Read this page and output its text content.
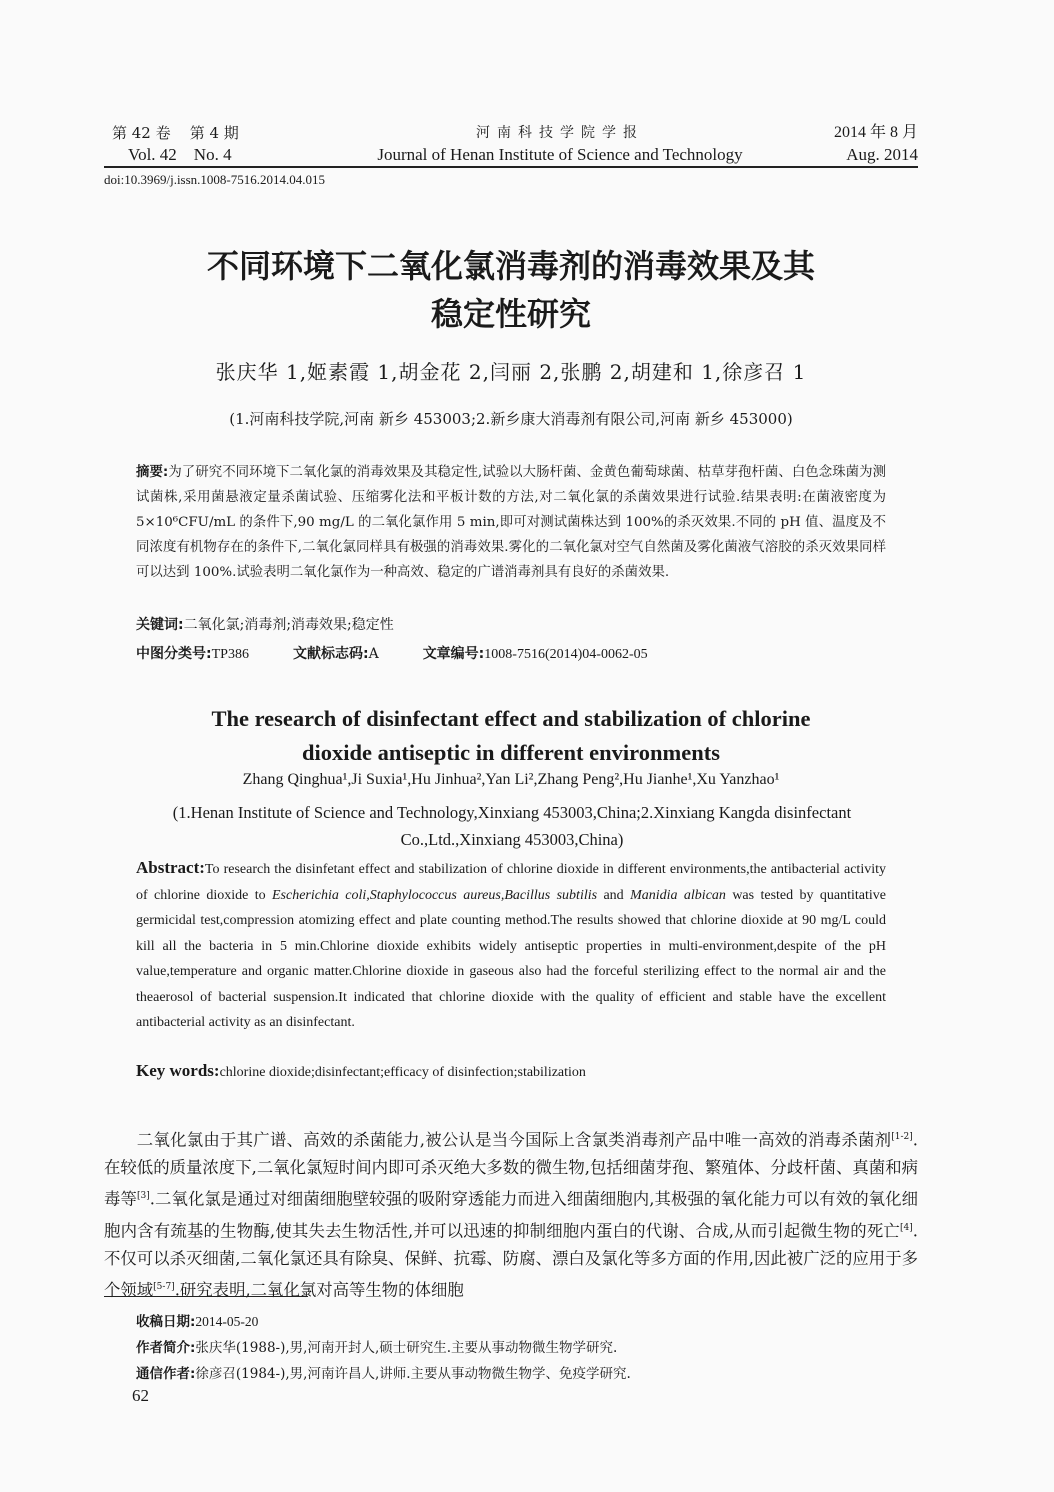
第 42 卷    第 4 期
Vol. 42    No. 4
河南科技学院学报
Journal of Henan Institute of Science and Technology
2014 年 8 月
Aug. 2014
doi:10.3969/j.issn.1008-7516.2014.04.015
不同环境下二氧化氯消毒剂的消毒效果及其
稳定性研究
张庆华 1,姬素霞 1,胡金花 2,闫丽 2,张鹏 2,胡建和 1,徐彦召 1
(1.河南科技学院,河南 新乡 453003;2.新乡康大消毒剂有限公司,河南 新乡 453000)
摘要:为了研究不同环境下二氧化氯的消毒效果及其稳定性,试验以大肠杆菌、金黄色葡萄球菌、枯草芽孢杆菌、白色念珠菌为测试菌株,采用菌悬液定量杀菌试验、压缩雾化法和平板计数的方法,对二氧化氯的杀菌效果进行试验.结果表明:在菌液密度为 5×10⁶CFU/mL 的条件下,90 mg/L 的二氧化氯作用 5 min,即可对测试菌株达到 100%的杀灭效果.不同的 pH 值、温度及不同浓度有机物存在的条件下,二氧化氯同样具有极强的消毒效果.雾化的二氧化氯对空气自然菌及雾化菌液气溶胶的杀灭效果同样可以达到 100%.试验表明二氧化氯作为一种高效、稳定的广谱消毒剂具有良好的杀菌效果.
关键词:二氧化氯;消毒剂;消毒效果;稳定性
中图分类号:TP386	文献标志码:A	文章编号:1008-7516(2014)04-0062-05
The research of disinfectant effect and stabilization of chlorine
dioxide antiseptic in different environments
Zhang Qinghua¹,Ji Suxia¹,Hu Jinhua²,Yan Li²,Zhang Peng²,Hu Jianhe¹,Xu Yanzhao¹
(1.Henan Institute of Science and Technology,Xinxiang 453003,China;2.Xinxiang Kangda disinfectant Co.,Ltd.,Xinxiang 453003,China)
Abstract:To research the disinfetant effect and stabilization of chlorine dioxide in different environments,the antibacterial activity of chlorine dioxide to Escherichia coli,Staphylococcus aureus,Bacillus subtilis and Manidia albican was tested by quantitative germicidal test,compression atomizing effect and plate counting method.The results showed that chlorine dioxide at 90 mg/L could kill all the bacteria in 5 min.Chlorine dioxide exhibits widely antiseptic properties in multi-environment,despite of the pH value,temperature and organic matter.Chlorine dioxide in gaseous also had the forceful sterilizing effect to the normal air and the theaerosol of bacterial suspension.It indicated that chlorine dioxide with the quality of efficient and stable have the excellent antibacterial activity as an disinfectant.
Key words:chlorine dioxide;disinfectant;efficacy of disinfection;stabilization
二氧化氯由于其广谱、高效的杀菌能力,被公认是当今国际上含氯类消毒剂产品中唯一高效的消毒杀菌剂[1-2].在较低的质量浓度下,二氧化氯短时间内即可杀灭绝大多数的微生物,包括细菌芽孢、繁殖体、分歧杆菌、真菌和病毒等[3].二氧化氯是通过对细菌细胞壁较强的吸附穿透能力而进入细菌细胞内,其极强的氧化能力可以有效的氧化细胞内含有巯基的生物酶,使其失去生物活性,并可以迅速的抑制细胞内蛋白的代谢、合成,从而引起微生物的死亡[4].不仅可以杀灭细菌,二氧化氯还具有除臭、保鲜、抗霉、防腐、漂白及氯化等多方面的作用,因此被广泛的应用于多个领域[5-7].研究表明,二氧化氯对高等生物的体细胞
收稿日期:2014-05-20
作者简介:张庆华(1988-),男,河南开封人,硕士研究生.主要从事动物微生物学研究.
通信作者:徐彦召(1984-),男,河南许昌人,讲师.主要从事动物微生物学、免疫学研究.
62
